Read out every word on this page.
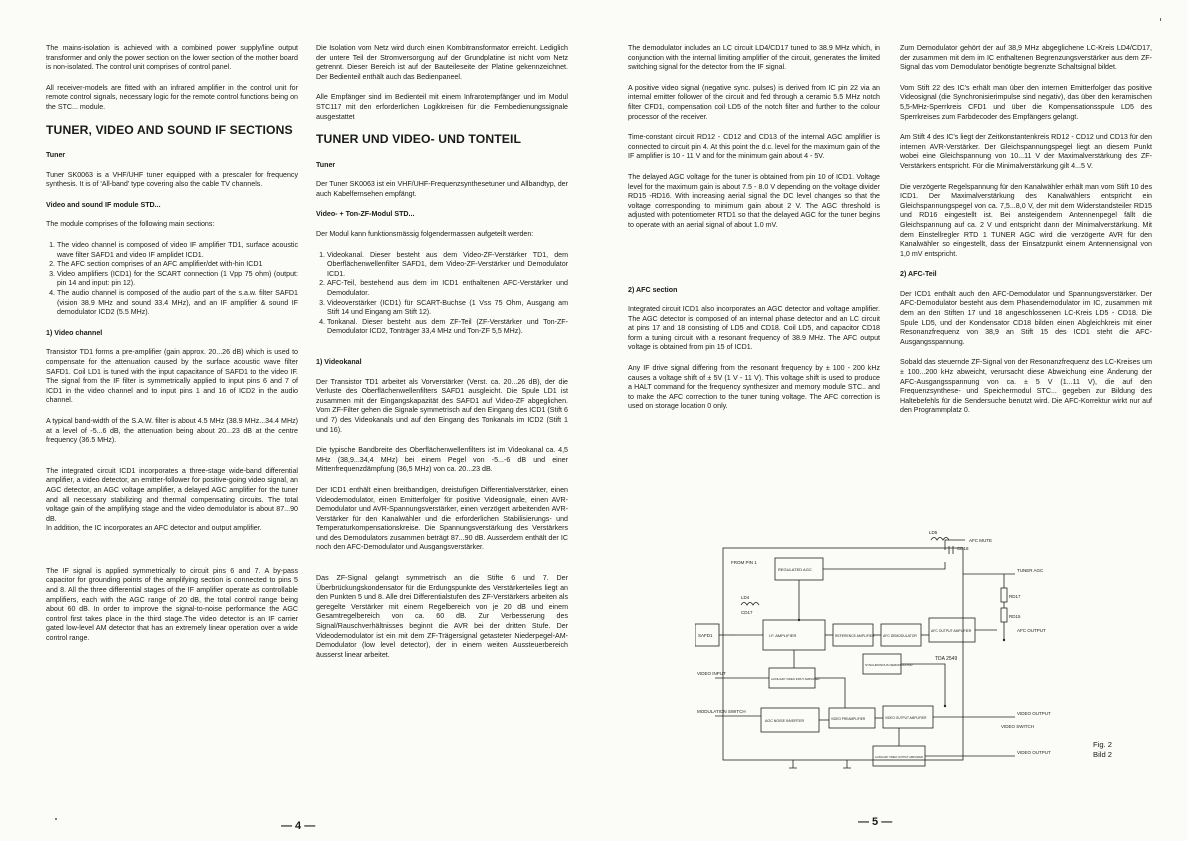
The mains-isolation is achieved with a combined power supply/line output transformer and only the power section on the lower section of the mother board is non-isolated. The control unit comprises of control panel.

All receiver-models are fitted with an infrared amplifier in the control unit for remote control signals, necessary logic for the remote control functions being on the STC... module.

TUNER, VIDEO AND SOUND IF SECTIONS
Tuner

Tuner SK0063 is a VHF/UHF tuner equipped with a prescaler for frequency synthesis. It is of 'All-band' type covering also the cable TV channels.

Video and sound IF module STD...

The module comprises of the following main sections:

1. The video channel is composed of video IF amplifier TD1, surface acoustic wave filter SAFD1 and video IF amplidet ICD1.
2. The AFC section comprises of an AFC amplifier/det with-hin ICD1
3. Video amplifiers (ICD1) for the SCART connection (1 Vpp 75 ohm) (output: pin 14 and input: pin 12).
4. The audio channel is composed of the audio part of the s.a.w. filter SAFD1 (vision 38.9 MHz and sound 33.4 MHz), and an IF amplifier & sound IF demodulator ICD2 (5.5 MHz).
1) Video channel

Transistor TD1 forms a pre-amplifier (gain approx. 20...26 dB) which is used to compensate for the attenuation caused by the surface acoustic wave filter SAFD1. Coil LD1 is tuned with the input capacitance of SAFD1 to the video IF. The signal from the IF filter is symmetrically applied to input pins 6 and 7 of ICD1 in the video channel and to input pins 1 and 16 of ICD2 in the audio channel.

A typical band-width of the S.A.W. filter is about 4.5 MHz (38.9 MHz...34.4 MHz) at a level of -5...6 dB, the attenuation being about 20...23 dB at the centre frequency (36.5 MHz).

The integrated circuit ICD1 incorporates a three-stage wide-band differential amplifier, a video detector, an emitter-follower for positive-going video signal, an AGC detector, an AGC voltage amplifier, a delayed AGC amplifier for the tuner and all necessary stabilizing and thermal compensating circuits. The total voltage gain of the amplifying stage and the video demodulator is about 87...90 dB.

In addition, the IC incorporates an AFC detector and output amplifier.

The IF signal is applied symmetrically to circuit pins 6 and 7. A by-pass capacitor for grounding points of the amplifying section is connected to pins 5 and 8. All the three differential stages of the IF amplifier operate as controllable amplifiers, each with the AGC range of 20 dB, the total control range being about 60 dB. In order to improve the signal-to-noise performance the AGC control first takes place in the third stage.The video detector is an IF carrier gated low-level AM detector that has an extremely linear operation over a wide control range.

Die Isolation vom Netz wird durch einen Kombitransformator erreicht. Lediglich der untere Teil der Stromversorgung auf der Grundplatine ist nicht vom Netz getrennt. Dieser Bereich ist auf der Bauteileseite der Platine gekennzeichnet. Der Bedienteil enthält auch das Bedienpaneel.

Alle Empfänger sind im Bedienteil mit einem Infrarotempfänger und im Modul STC117 mit den erforderlichen Logikkreisen für die Fernbedienungssignale ausgestattet

TUNER UND VIDEO- UND TONTEIL
Tuner

Der Tuner SK0063 ist ein VHF/UHF-Frequenzsynthesetuner und Allbandtyp, der auch Kabelfernsehen empfängt.

Video- + Ton-ZF-Modul STD...

Der Modul kann funktionsmässig folgendermassen aufgeteilt werden:

1. Videokanal. Dieser besteht aus dem Video-ZF-Verstärker TD1, dem Oberflächenwellenfilter SAFD1, dem Video-ZF-Verstärker und Demodulator ICD1.
2. AFC-Teil, bestehend aus dem im ICD1 enthaltenen AFC-Verstärker und Demodulator.
3. Videoverstärker (ICD1) für SCART-Buchse (1 Vss 75 Ohm, Ausgang am Stift 14 und Eingang am Stift 12).
4. Tonkanal. Dieser besteht aus dem ZF-Teil (ZF-Verstärker und Ton-ZF- Demodulator ICD2, Tonträger 33,4 MHz und Ton-ZF 5,5 MHz).
1) Videokanal

Der Transistor TD1 arbeitet als Vorverstärker (Verst. ca. 20...26 dB), der die Verluste des Oberflächenwellenfilters SAFD1 ausgleicht. Die Spule LD1 ist zusammen mit der Eingangskapazität des SAFD1 auf Video-ZF abgeglichen. Vom ZF-Filter gehen die Signale symmetrisch auf den Eingang des ICD1 (Stift 6 und 7) des Videokanals und auf den Eingang des Tonkanals im ICD2 (Stift 1 und 16).

Die typische Bandbreite des Oberflächenwellenfilters ist im Videokanal ca. 4,5 MHz (38,9...34,4 MHz) bei einem Pegel von -5...-6 dB und einer Mittenfrequenzdämpfung (36,5 MHz) von ca. 20...23 dB.

Der ICD1 enthält einen breitbandigen, dreistufigen Differentialverstärker, einen Videodemodulator, einen Emitterfolger für positive Videosignale, einen AVR-Demodulator und AVR-Spannungsverstärker, einen verzögert arbeitenden AVR-Verstärker für den Kanalwähler und die erforderlichen Stabilisierungs- und Temperaturkompensationskreise. Die Spannungsverstärkung des Verstärkers und des Demodulators zusammen beträgt 87...90 dB. Ausserdem enthält der IC noch den AFC-Demodulator und Ausgangsverstärker.

Das ZF-Signal gelangt symmetrisch an die Stifte 6 und 7. Der Überbrückungskondensator für die Erdungspunkte des Verstärkerteiles liegt an den Punkten 5 und 8. Alle drei Differentialstufen des ZF-Verstärkers arbeiten als geregelte Verstärker mit einem Regelbereich von je 20 dB und einem Gesamtregelbereich von ca. 60 dB. Zur Verbesserung des Signal/Rauschverhältnisses beginnt die AVR bei der dritten Stufe. Der Videodemodulator ist ein mit dem ZF-Trägersignal getasteter Niederpegel-AM-Demodulator (low level detector), der in einem weiten Aussteuerbereich äusserst linear arbeitet.

— 4 —

The demodulator includes an LC circuit LD4/CD17 tuned to 38.9 MHz which, in conjunction with the internal limiting amplifier of the circuit, generates the limited switching signal for the detector from the IF signal.

A positive video signal (negative sync. pulses) is derived from IC pin 22 via an internal emitter follower of the circuit and fed through a ceramic 5.5 MHz notch filter CFD1, compensation coil LD5 of the notch filter and further to the colour processor of the receiver.

Time-constant circuit RD12 - CD12 and CD13 of the internal AGC amplifier is connected to circuit pin 4. At this point the d.c. level for the maximum gain of the IF amplifier is 10 - 11 V and for the minimum gain about 4 - 5V.

The delayed AGC voltage for the tuner is obtained from pin 10 of ICD1. Voltage level for the maximum gain is about 7.5 - 8.0 V depending on the voltage divider RD15 -RD16. With increasing aerial signal the DC level changes so that the voltage corresponding to minimum gain about 2 V. The AGC threshold is adjusted with potentiometer RTD1 so that the delayed AGC for the tuner begins to operate with an aerial signal of about 1.0 mV.

2) AFC section

Integrated circuit ICD1 also incorporates an AGC detector and voltage amplifier. The AGC detector is composed of an internal phase detector and an LC circuit at pins 17 and 18 consisting of LD5 and CD18. Coil LD5, and capacitor CD18 form a tuning circuit with a resonant frequency of 38.9 MHz. The AFC output voltage is obtained from pin 15 of ICD1.

Any IF drive signal differing from the resonant frequency by ± 100 - 200 kHz causes a voltage shift of ± 5V (1 V - 11 V). This voltage shift is used to produce a HALT command for the frequency synthesizer and memory module STC.. and to make the AFC correction to the tuner tuning voltage. The AFC correction is used on storage location 0 only.

Zum Demodulator gehört der auf 38,9 MHz abgeglichene LC-Kreis LD4/CD17, der zusammen mit dem im IC enthaltenen Begrenzungsverstärker aus dem ZF-Signal das vom Demodulator benötigte begrenzte Schaltsignal bildet.

Vom Stift 22 des IC's erhält man über den internen Emitterfolger das positive Videosignal (die Synchronisierimpulse sind negativ), das über den keramischen 5,5-MHz-Sperrkreis CFD1 und über die Kompensationsspule LD5 des Sperrkreises zum Farbdecoder des Empfängers gelangt.

Am Stift 4 des IC's liegt der Zeitkonstantenkreis RD12 - CD12 und CD13 für den internen AVR-Verstärker. Der Gleichspannungspegel liegt an diesem Punkt wobei eine Gleichspannung von 10...11 V der Maximalverstärkung des ZF-Verstärkers entspricht. Für die Minimalverstärkung gilt 4...5 V.

Die verzögerte Regelspannung für den Kanalwähler erhält man vom Stift 10 des ICD1. Der Maximalverstärkung des Kanalwählers entspricht ein Gleichspannungspegel von ca. 7,5...8,0 V, der mit dem Widerstandsteiler RD15 und RD16 eingestellt ist. Bei ansteigendem Antennenpegel fällt die Gleichspannung auf ca. 2 V und entspricht dann der Minimalverstärkung. Mit dem Einstellregler RTD 1 TUNER AGC wird die verzögerte AVR für den Kanalwähler so eingestellt, dass der Einsatzpunkt einem Antennensignal von 1,0 mV entspricht.

2) AFC-Teil

Der ICD1 enthält auch den AFC-Demodulator und Spannungsverstärker. Der AFC-Demodulator besteht aus dem Phasendemodulator im IC, zusammen mit dem an den Stiften 17 und 18 angeschlossenen LC-Kreis LD5 - CD18. Die Spule LD5, und der Kondensator CD18 bilden einen Abgleichkreis mit einer Resonanzfrequenz von 38,9 an Stift 15 des ICD1 steht die AFC-Ausgangsspannung.

Sobald das steuernde ZF-Signal von der Resonanzfrequenz des LC-Kreises um ± 100...200 kHz abweicht, verursacht diese Abweichung eine Änderung der AFC-Ausgangsspannung von ca. ± 5 V (1...11 V), die auf den Frequenzsynthese- und Speichermodul STC... gegeben zur Bildung des Haltebefehls für die Sendersuche benutzt wird. Die AFC-Korrektur wirkt nur auf den Programmplatz 0.

LD5
CD18
AFC MUTE
TUNER AGC
RD17
RD15
AFC OUTPUT
LD4
CD17
FROM PIN 1
SAFD1
VIDEO INPUT
MODULATION SWITCH	VIDEO OUTPUT
VIDEO SWITCH
VIDEO OUTPUT
TDA 2549
REGULATED AGC
I.F. AMPLIFIER	REFERENCE AMPLIFIER AFC DEMODULATOR
AFC OUTPUT AMPLIFIER
SYNCHRONOUS DEMODULATOR
AUXILIARY VIDEO INPUT AMPLIFIER
AGC NOISE INVERTER	VIDEO PREAMPLIFIER	VIDEO OUTPUT AMPLIFIER
AUXILIARY VIDEO OUTPUT AMPLIFIER
Fig. 2
Bild 2
— 5 —
